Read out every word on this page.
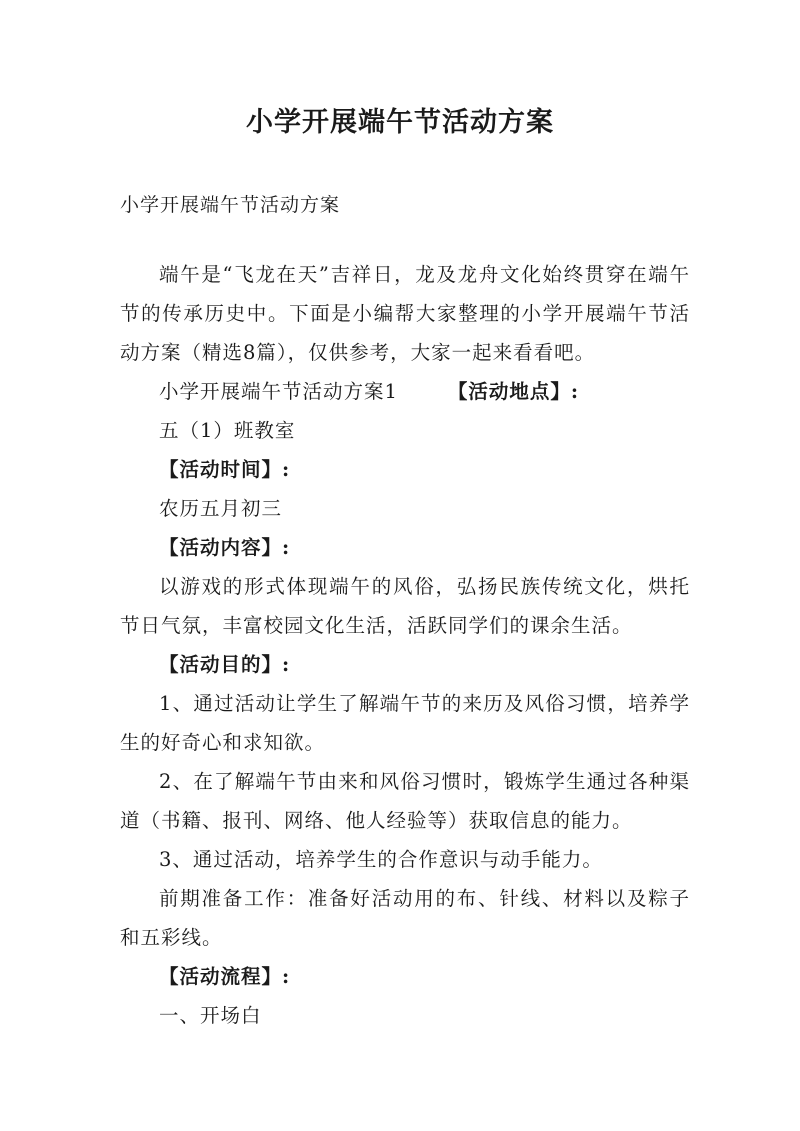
小学开展端午节活动方案

小学开展端午节活动方案

端午是“飞龙在天”吉祥日，龙及龙舟文化始终贯穿在端午节的传承历史中。下面是小编帮大家整理的小学开展端午节活动方案（精选8篇），仅供参考，大家一起来看看吧。

小学开展端午节活动方案1	【活动地点】:

五（1）班教室

【活动时间】:

农历五月初三

【活动内容】:

以游戏的形式体现端午的风俗，弘扬民族传统文化，烘托节日气氛，丰富校园文化生活，活跃同学们的课余生活。

【活动目的】:

1、通过活动让学生了解端午节的来历及风俗习惯，培养学生的好奇心和求知欲。

2、在了解端午节由来和风俗习惯时，锻炼学生通过各种渠道（书籍、报刊、网络、他人经验等）获取信息的能力。

3、通过活动，培养学生的合作意识与动手能力。

前期准备工作：准备好活动用的布、针线、材料以及粽子和五彩线。

【活动流程】:

一、开场白
